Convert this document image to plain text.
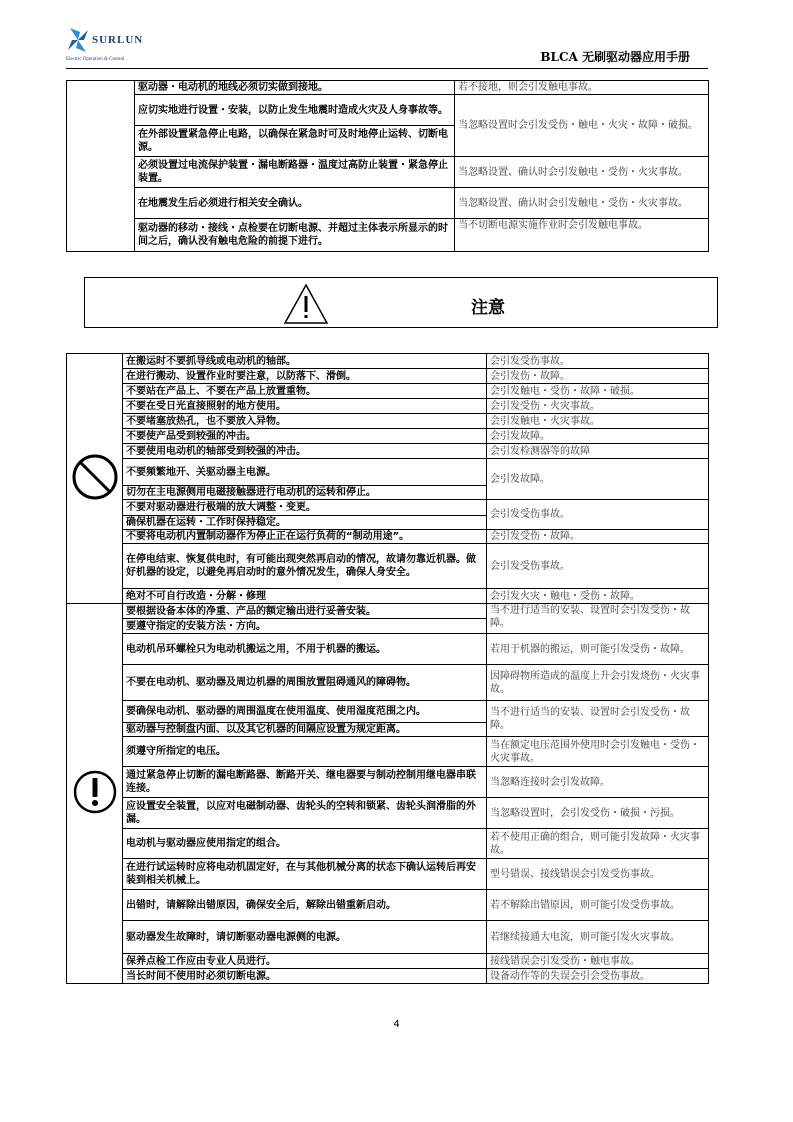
SURLUN
Electric Operation & Control	BLCA 无刷驱动器应用手册
	驱动器・电动机的地线必须切实做到接地。	若不接地，则会引发触电事故。
	应切实地进行设置・安装，以防止发生地震时造成火灾及人身事故等。	当忽略设置时会引发受伤・触电・火灾・故障・破损。
	在外部设置紧急停止电路，以确保在紧急时可及时地停止运转、切断电源。	
	必须设置过电流保护装置・漏电断路器・温度过高防止装置・紧急停止装置。	当忽略设置、确认时会引发触电・受伤・火灾事故。
	在地震发生后必须进行相关安全确认。	当忽略设置、确认时会引发触电・受伤・火灾事故。
	驱动器的移动・接线・点检要在切断电源、并超过主体表示所显示的时间之后，确认没有触电危险的前提下进行。	当不切断电源实施作业时会引发触电事故。
注意
	在搬运时不要抓导线或电动机的轴部。	会引发受伤事故。
	在进行搬动、设置作业时要注意，以防落下、滑倒。	会引发伤・故障。
	不要站在产品上、不要在产品上放置重物。	会引发触电・受伤・故障・破损。
	不要在受日光直接照射的地方使用。	会引发受伤・火灾事故。
	不要堵塞放热孔，也不要放入异物。	会引发触电・火灾事故。
	不要使产品受到较强的冲击。	会引发故障。
	不要使用电动机的轴部受到较强的冲击。	会引发检测器等的故障
	不要频繁地开、关驱动器主电源。	会引发故障。
	切勿在主电源侧用电磁接触器进行电动机的运转和停止。	
	不要对驱动器进行极端的放大调整・变更。	会引发受伤事故。
	确保机器在运转・工作时保持稳定。	
	不要将电动机内置制动器作为停止正在运行负荷的“制动用途”。	会引发受伤・故障。
	在停电结束、恢复供电时，有可能出现突然再启动的情况，故请勿靠近机器。做好机器的设定，以避免再启动时的意外情况发生，确保人身安全。	会引发受伤事故。
	绝对不可自行改造・分解・修理	会引发火灾・触电・受伤・故障。
	要根据设备本体的净重、产品的额定输出进行妥善安装。	当不进行适当的安装、设置时会引发受伤・故障。
	要遵守指定的安装方法・方向。	
	电动机吊环螺栓只为电动机搬运之用，不用于机器的搬运。	若用于机器的搬运，则可能引发受伤・故障。
	不要在电动机、驱动器及周边机器的周围放置阻碍通风的障碍物。	因障碍物所造成的温度上升会引发烧伤・火灾事故。
	要确保电动机、驱动器的周围温度在使用温度、使用湿度范围之内。	当不进行适当的安装、设置时会引发受伤・故障。
	驱动器与控制盘内面、以及其它机器的间隔应设置为规定距离。	
	须遵守所指定的电压。	当在额定电压范围外使用时会引发触电・受伤・火灾事故。
	通过紧急停止切断的漏电断路器、断路开关、继电器要与制动控制用继电器串联连接。	当忽略连接时会引发故障。
	应设置安全装置，以应对电磁制动器、齿轮头的空转和锁紧、齿轮头润滑脂的外漏。	当忽略设置时，会引发受伤・破损・污损。
	电动机与驱动器应使用指定的组合。	若不使用正确的组合，则可能引发故障・火灾事故。
	在进行试运转时应将电动机固定好，在与其他机械分离的状态下确认运转后再安装到相关机械上。	型号错误、接线错误会引发受伤事故。
	出错时，请解除出错原因，确保安全后，解除出错重新启动。	若不解除出错原因，则可能引发受伤事故。
	驱动器发生故障时，请切断驱动器电源侧的电源。	若继续接通大电流，则可能引发火灾事故。
	保养点检工作应由专业人员进行。	接线错误会引发受伤・触电事故。
	当长时间不使用时必须切断电源。	设备动作等的失误会引会受伤事故。
4
